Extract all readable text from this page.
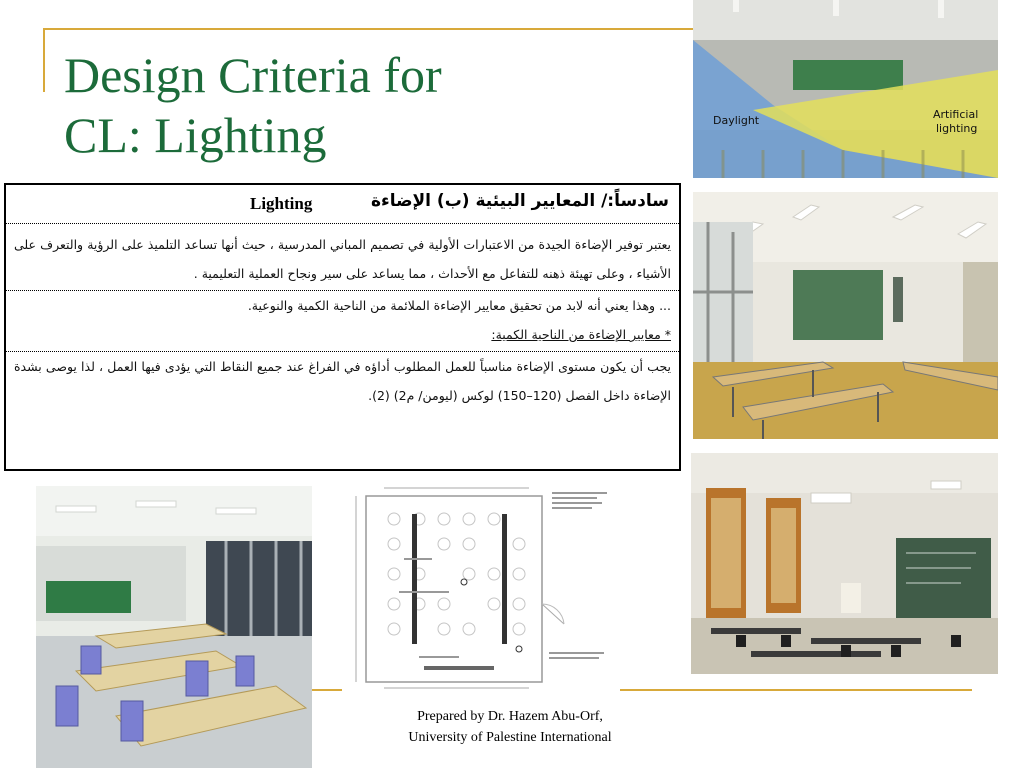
Design Criteria for
CL: Lighting	Daylight	Artificial
lighting
Lighting	سادساً:/ المعايير البيئية (ب) الإضاءة

يعتبر توفير الإضاءة الجيدة من الاعتبارات الأولية في تصميم المباني المدرسية ، حيث أنها تساعد التلميذ على الرؤية والتعرف على الأشياء ، وعلى تهيئة ذهنه للتفاعل مع الأحداث ، مما يساعد على سير ونجاح العملية التعليمية .

... وهذا يعني أنه لابد من تحقيق معايير الإضاءة الملائمة من الناحية الكمية والنوعية.

* معايير الإضاءة من الناحية الكمية:

يجب أن يكون مستوى الإضاءة مناسباً للعمل المطلوب أداؤه في الفراغ عند جميع النقاط التي يؤدى فيها العمل ، لذا يوصى بشدة الإضاءة داخل الفصل (120–150) لوكس (ليومن/ م2) (2).

Prepared by Dr. Hazem Abu-Orf,
University of Palestine International
